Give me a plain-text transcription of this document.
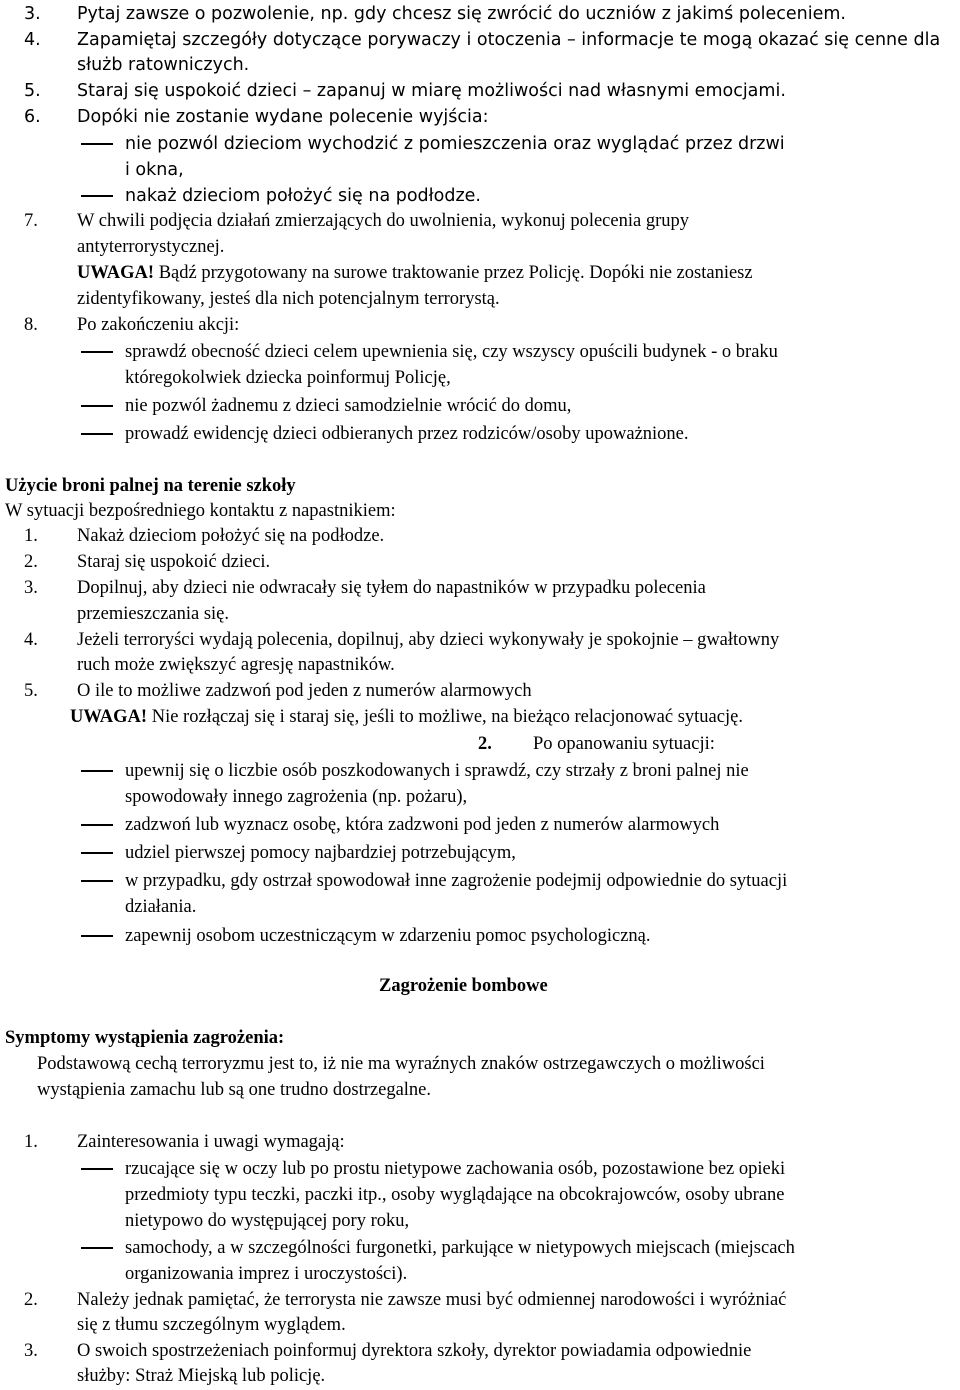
3. Pytaj zawsze o pozwolenie, np. gdy chcesz się zwrócić do uczniów z jakimś poleceniem.
4. Zapamiętaj szczegóły dotyczące porywaczy i otoczenia – informacje te mogą okazać się cenne dla
służb ratowniczych.
5. Staraj się uspokoić dzieci – zapanuj w miarę możliwości nad własnymi emocjami.
6. Dopóki nie zostanie wydane polecenie wyjścia:
nie pozwól dzieciom wychodzić z pomieszczenia oraz wyglądać przez drzwi
i okna,
nakaż dzieciom położyć się na podłodze.
7. W chwili podjęcia działań zmierzających do uwolnienia, wykonuj polecenia grupy
antyterrorystycznej.
UWAGA! Bądź przygotowany na surowe traktowanie przez Policję. Dopóki nie zostaniesz
zidentyfikowany, jesteś dla nich potencjalnym terrorystą.
8. Po zakończeniu akcji:
sprawdź obecność dzieci celem upewnienia się, czy wszyscy opuścili budynek - o braku
któregokolwiek dziecka poinformuj Policję,
nie pozwól żadnemu z dzieci samodzielnie wrócić do domu,
prowadź ewidencję dzieci odbieranych przez rodziców/osoby upoważnione.
Użycie broni palnej na terenie szkoły
W sytuacji bezpośredniego kontaktu z napastnikiem:
1. Nakaż dzieciom położyć się na podłodze.
2. Staraj się uspokoić dzieci.
3. Dopilnuj, aby dzieci nie odwracały się tyłem do napastników w przypadku polecenia
przemieszczania się.
4. Jeżeli terroryści wydają polecenia, dopilnuj, aby dzieci wykonywały je spokojnie – gwałtowny
ruch może zwiększyć agresję napastników.
5. O ile to możliwe zadzwoń pod jeden z numerów alarmowych
UWAGA! Nie rozłączaj się i staraj się, jeśli to możliwe, na bieżąco relacjonować sytuację.
2. Po opanowaniu sytuacji:
upewnij się o liczbie osób poszkodowanych i sprawdź, czy strzały z broni palnej nie
spowodowały innego zagrożenia (np. pożaru),
zadzwoń lub wyznacz osobę, która zadzwoni pod jeden z numerów alarmowych
udziel pierwszej pomocy najbardziej potrzebującym,
w przypadku, gdy ostrzał spowodował inne zagrożenie podejmij odpowiednie do sytuacji
działania.
zapewnij osobom uczestniczącym w zdarzeniu pomoc psychologiczną.
Zagrożenie bombowe
Symptomy wystąpienia zagrożenia:
Podstawową cechą terroryzmu jest to, iż nie ma wyraźnych znaków ostrzegawczych o możliwości
wystąpienia zamachu lub są one trudno dostrzegalne.
1. Zainteresowania i uwagi wymagają:
rzucające się w oczy lub po prostu nietypowe zachowania osób, pozostawione bez opieki
przedmioty typu teczki, paczki itp., osoby wyglądające na obcokrajowców, osoby ubrane
nietypowo do występującej pory roku,
samochody, a w szczególności furgonetki, parkujące w nietypowych miejscach (miejscach
organizowania imprez i uroczystości).
2. Należy jednak pamiętać, że terrorysta nie zawsze musi być odmiennej narodowości i wyróżniać
się z tłumu szczególnym wyglądem.
3. O swoich spostrzeżeniach poinformuj dyrektora szkoły, dyrektor powiadamia odpowiednie
służby: Straż Miejską lub policję.
